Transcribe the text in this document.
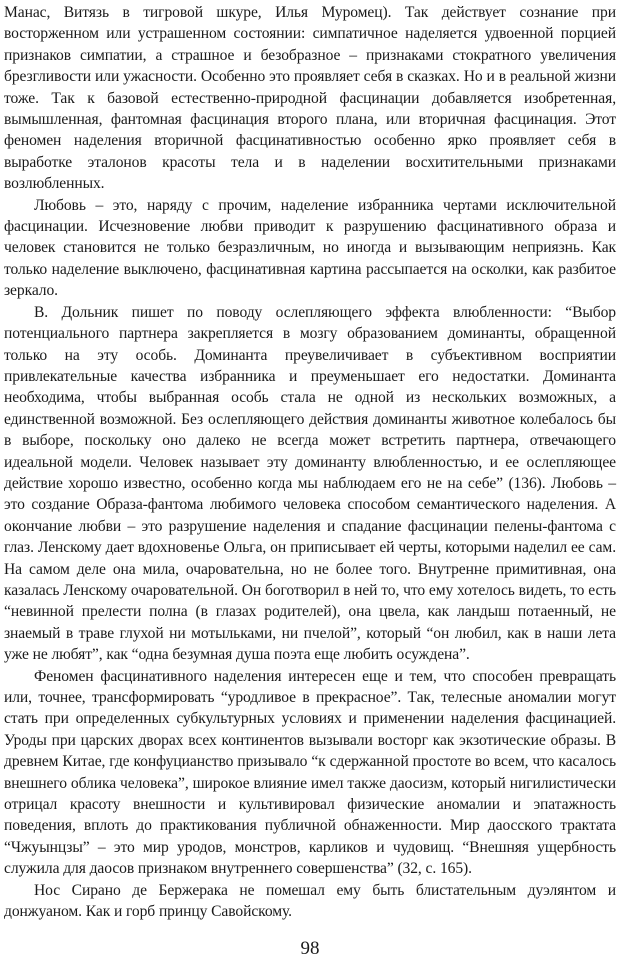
Манас, Витязь в тигровой шкуре, Илья Муромец). Так действует сознание при восторженном или устрашенном состоянии: симпатичное наделяется удвоенной порцией признаков симпатии, а страшное и безобразное – признаками стократного увеличения брезгливости или ужасности. Особенно это проявляет себя в сказках. Но и в реальной жизни тоже. Так к базовой естественно-природной фасцинации добавляется изобретенная, вымышленная, фантомная фасцинация второго плана, или вторичная фасцинация. Этот феномен наделения вторичной фасцинативностью особенно ярко проявляет себя в выработке эталонов красоты тела и в наделении восхитительными признаками возлюбленных.

Любовь – это, наряду с прочим, наделение избранника чертами исключительной фасцинации. Исчезновение любви приводит к разрушению фасцинативного образа и человек становится не только безразличным, но иногда и вызывающим неприязнь. Как только наделение выключено, фасцинативная картина рассыпается на осколки, как разбитое зеркало.

В. Дольник пишет по поводу ослепляющего эффекта влюбленности: “Выбор потенциального партнера закрепляется в мозгу образованием доминанты, обращенной только на эту особь. Доминанта преувеличивает в субъективном восприятии привлекательные качества избранника и преуменьшает его недостатки. Доминанта необходима, чтобы выбранная особь стала не одной из нескольких возможных, а единственной возможной. Без ослепляющего действия доминанты животное колебалось бы в выборе, поскольку оно далеко не всегда может встретить партнера, отвечающего идеальной модели. Человек называет эту доминанту влюбленностью, и ее ослепляющее действие хорошо известно, особенно когда мы наблюдаем его не на себе” (136). Любовь – это создание Образа-фантома любимого человека способом семантического наделения. А окончание любви – это разрушение наделения и спадание фасцинации пелены-фантома с глаз. Ленскому дает вдохновенье Ольга, он приписывает ей черты, которыми наделил ее сам. На самом деле она мила, очаровательна, но не более того. Внутренне примитивная, она казалась Ленскому очаровательной. Он боготворил в ней то, что ему хотелось видеть, то есть “невинной прелести полна (в глазах родителей), она цвела, как ландыш потаенный, не знаемый в траве глухой ни мотыльками, ни пчелой”, который “он любил, как в наши лета уже не любят”, как “одна безумная душа поэта еще любить осуждена”.

Феномен фасцинативного наделения интересен еще и тем, что способен превращать или, точнее, трансформировать “уродливое в прекрасное”. Так, телесные аномалии могут стать при определенных субкультурных условиях и применении наделения фасцинацией. Уроды при царских дворах всех континентов вызывали восторг как экзотические образы. В древнем Китае, где конфуцианство призывало “к сдержанной простоте во всем, что касалось внешнего облика человека”, широкое влияние имел также даосизм, который нигилистически отрицал красоту внешности и культивировал физические аномалии и эпатажность поведения, вплоть до практикования публичной обнаженности. Мир даосского трактата “Чжуынцзы” – это мир уродов, монстров, карликов и чудовищ. “Внешняя ущербность служила для даосов признаком внутреннего совершенства” (32, с. 165).

Нос Сирано де Бержерака не помешал ему быть блистательным дуэлянтом и донжуаном. Как и горб принцу Савойскому.

98
